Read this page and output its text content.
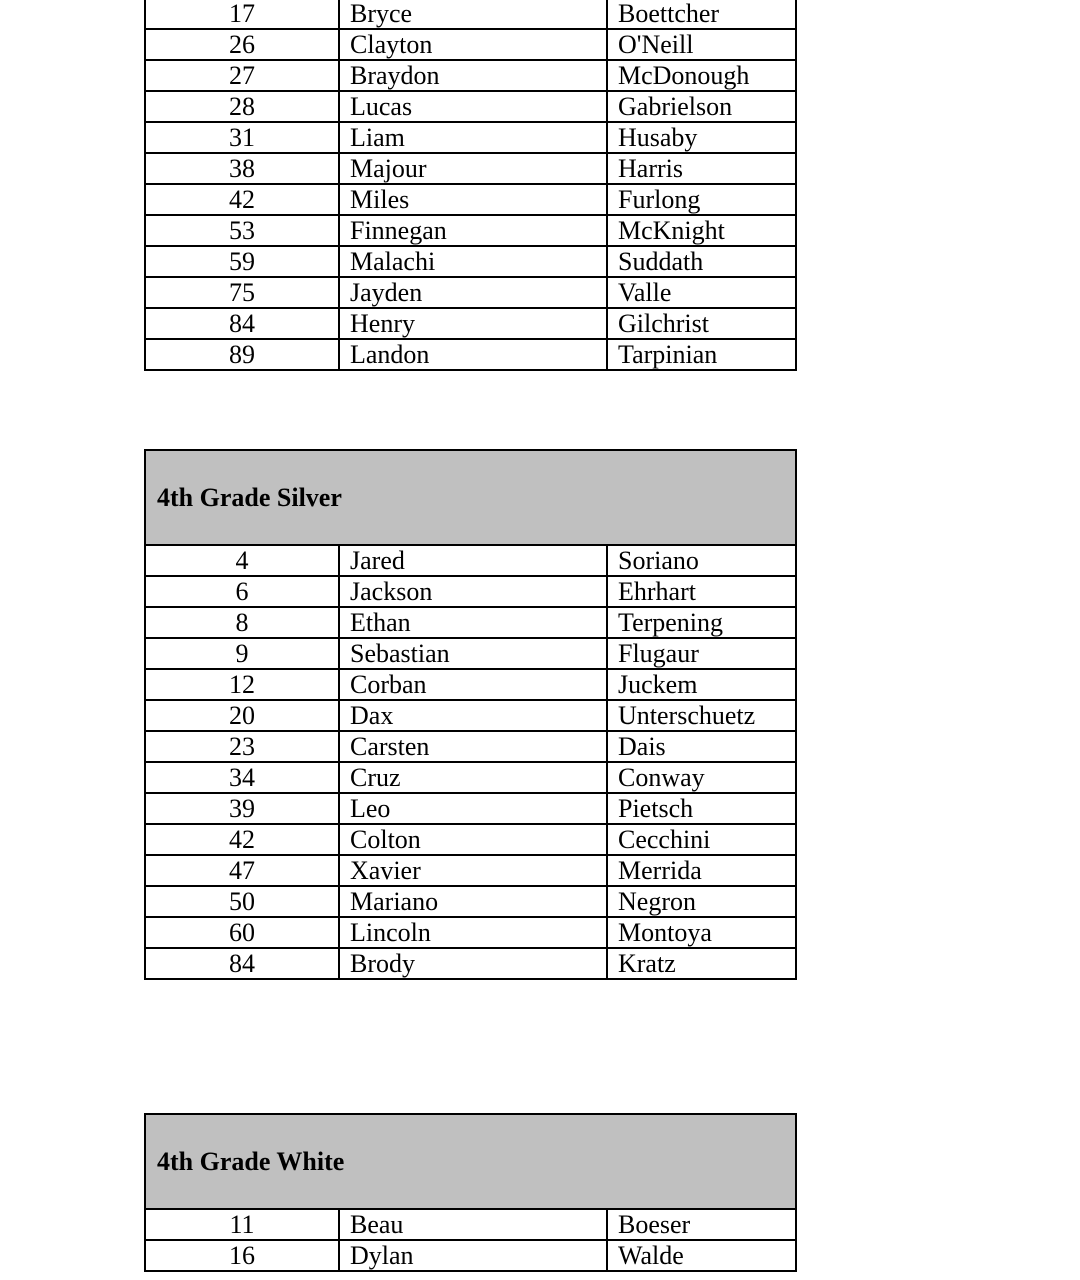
17	Bryce	Boettcher
26	Clayton	O'Neill
27	Braydon	McDonough
28	Lucas	Gabrielson
31	Liam	Husaby
38	Majour	Harris
42	Miles	Furlong
53	Finnegan	McKnight
59	Malachi	Suddath
75	Jayden	Valle
84	Henry	Gilchrist
89	Landon	Tarpinian
4th Grade Silver		
4	Jared	Soriano
6	Jackson	Ehrhart
8	Ethan	Terpening
9	Sebastian	Flugaur
12	Corban	Juckem
20	Dax	Unterschuetz
23	Carsten	Dais
34	Cruz	Conway
39	Leo	Pietsch
42	Colton	Cecchini
47	Xavier	Merrida
50	Mariano	Negron
60	Lincoln	Montoya
84	Brody	Kratz
4th Grade White		
11	Beau	Boeser
16	Dylan	Walde
